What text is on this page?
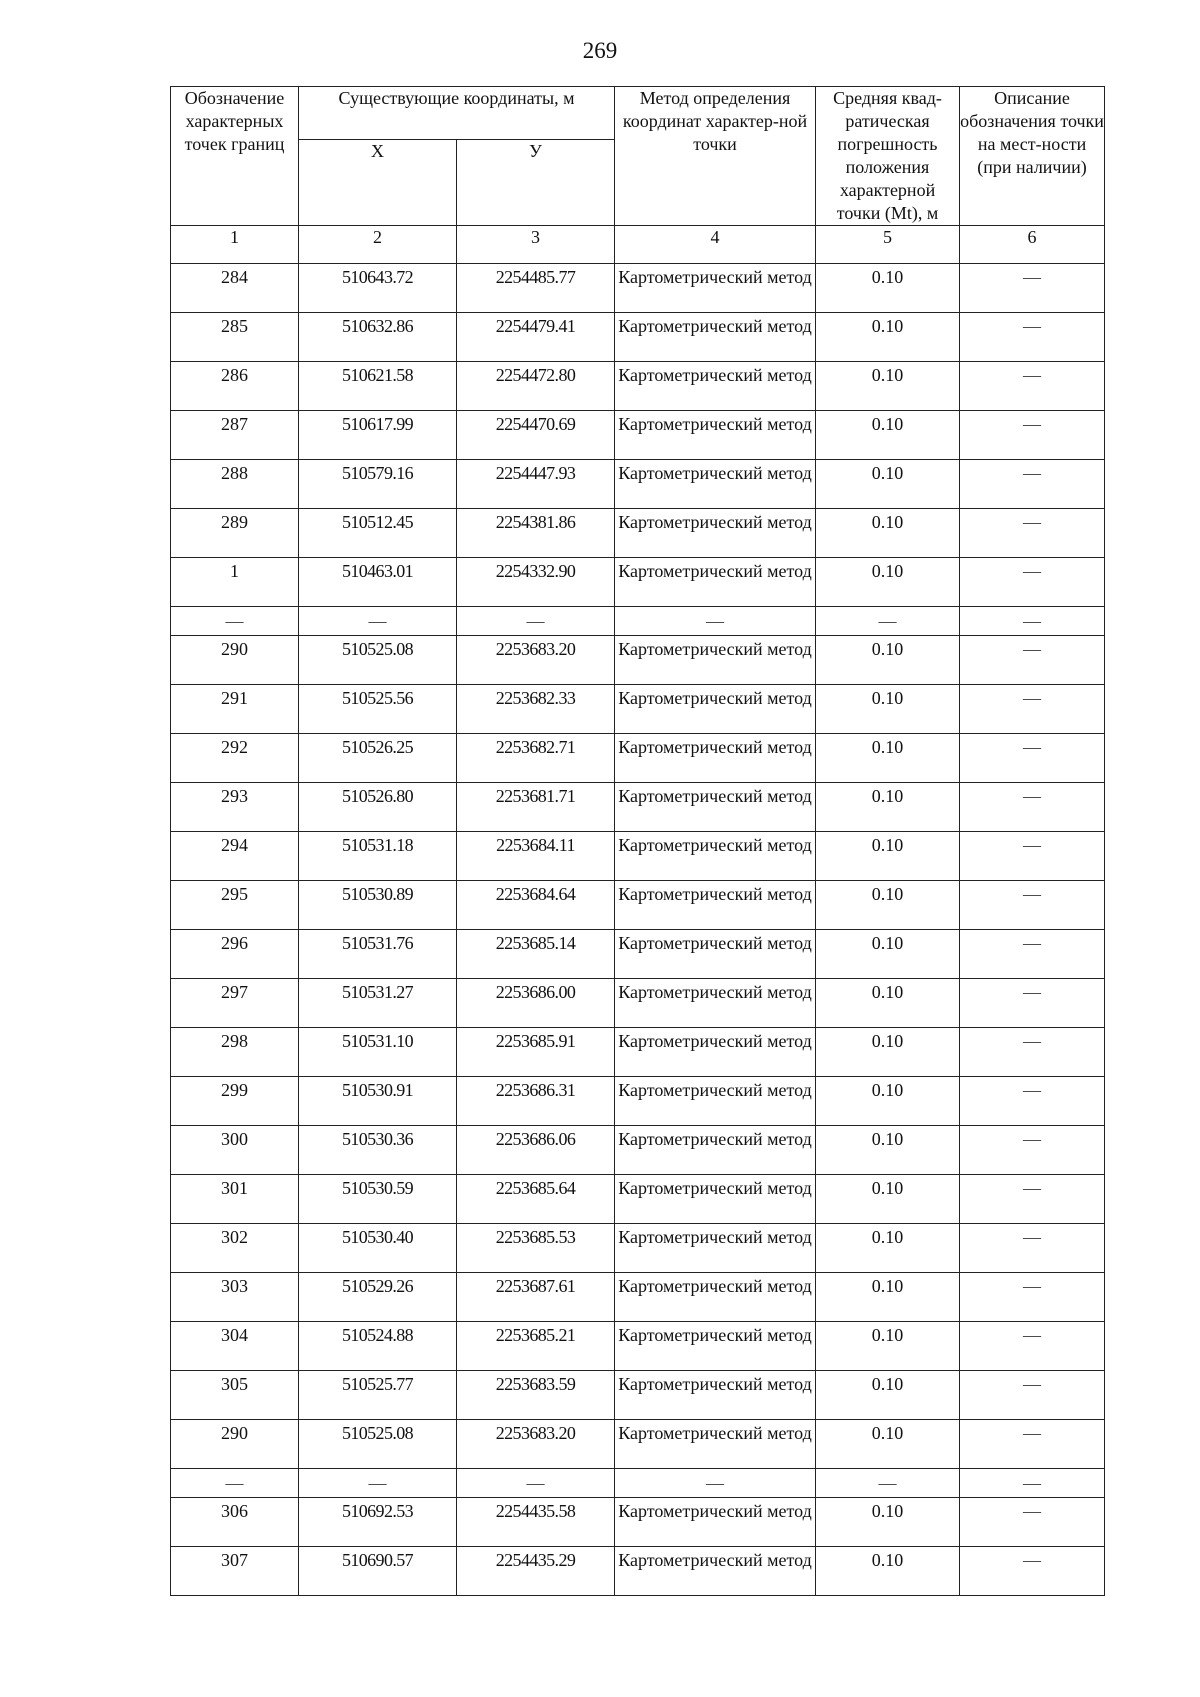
269
Обозначение характерных точек границ	Существующие координаты, м		Метод определения координат характер-ной точки	Средняя квад-ратическая погрешность положения характерной точки (Mt), м	Описание обозначения точки на мест-ности (при наличии)
	X	У			
1	2	3	4	5	6
284	510643.72	2254485.77	Картометрический метод	0.10	—
285	510632.86	2254479.41	Картометрический метод	0.10	—
286	510621.58	2254472.80	Картометрический метод	0.10	—
287	510617.99	2254470.69	Картометрический метод	0.10	—
288	510579.16	2254447.93	Картометрический метод	0.10	—
289	510512.45	2254381.86	Картометрический метод	0.10	—
1	510463.01	2254332.90	Картометрический метод	0.10	—
—	—	—	—	—	—
290	510525.08	2253683.20	Картометрический метод	0.10	—
291	510525.56	2253682.33	Картометрический метод	0.10	—
292	510526.25	2253682.71	Картометрический метод	0.10	—
293	510526.80	2253681.71	Картометрический метод	0.10	—
294	510531.18	2253684.11	Картометрический метод	0.10	—
295	510530.89	2253684.64	Картометрический метод	0.10	—
296	510531.76	2253685.14	Картометрический метод	0.10	—
297	510531.27	2253686.00	Картометрический метод	0.10	—
298	510531.10	2253685.91	Картометрический метод	0.10	—
299	510530.91	2253686.31	Картометрический метод	0.10	—
300	510530.36	2253686.06	Картометрический метод	0.10	—
301	510530.59	2253685.64	Картометрический метод	0.10	—
302	510530.40	2253685.53	Картометрический метод	0.10	—
303	510529.26	2253687.61	Картометрический метод	0.10	—
304	510524.88	2253685.21	Картометрический метод	0.10	—
305	510525.77	2253683.59	Картометрический метод	0.10	—
290	510525.08	2253683.20	Картометрический метод	0.10	—
—	—	—	—	—	—
306	510692.53	2254435.58	Картометрический метод	0.10	—
307	510690.57	2254435.29	Картометрический метод	0.10	—
